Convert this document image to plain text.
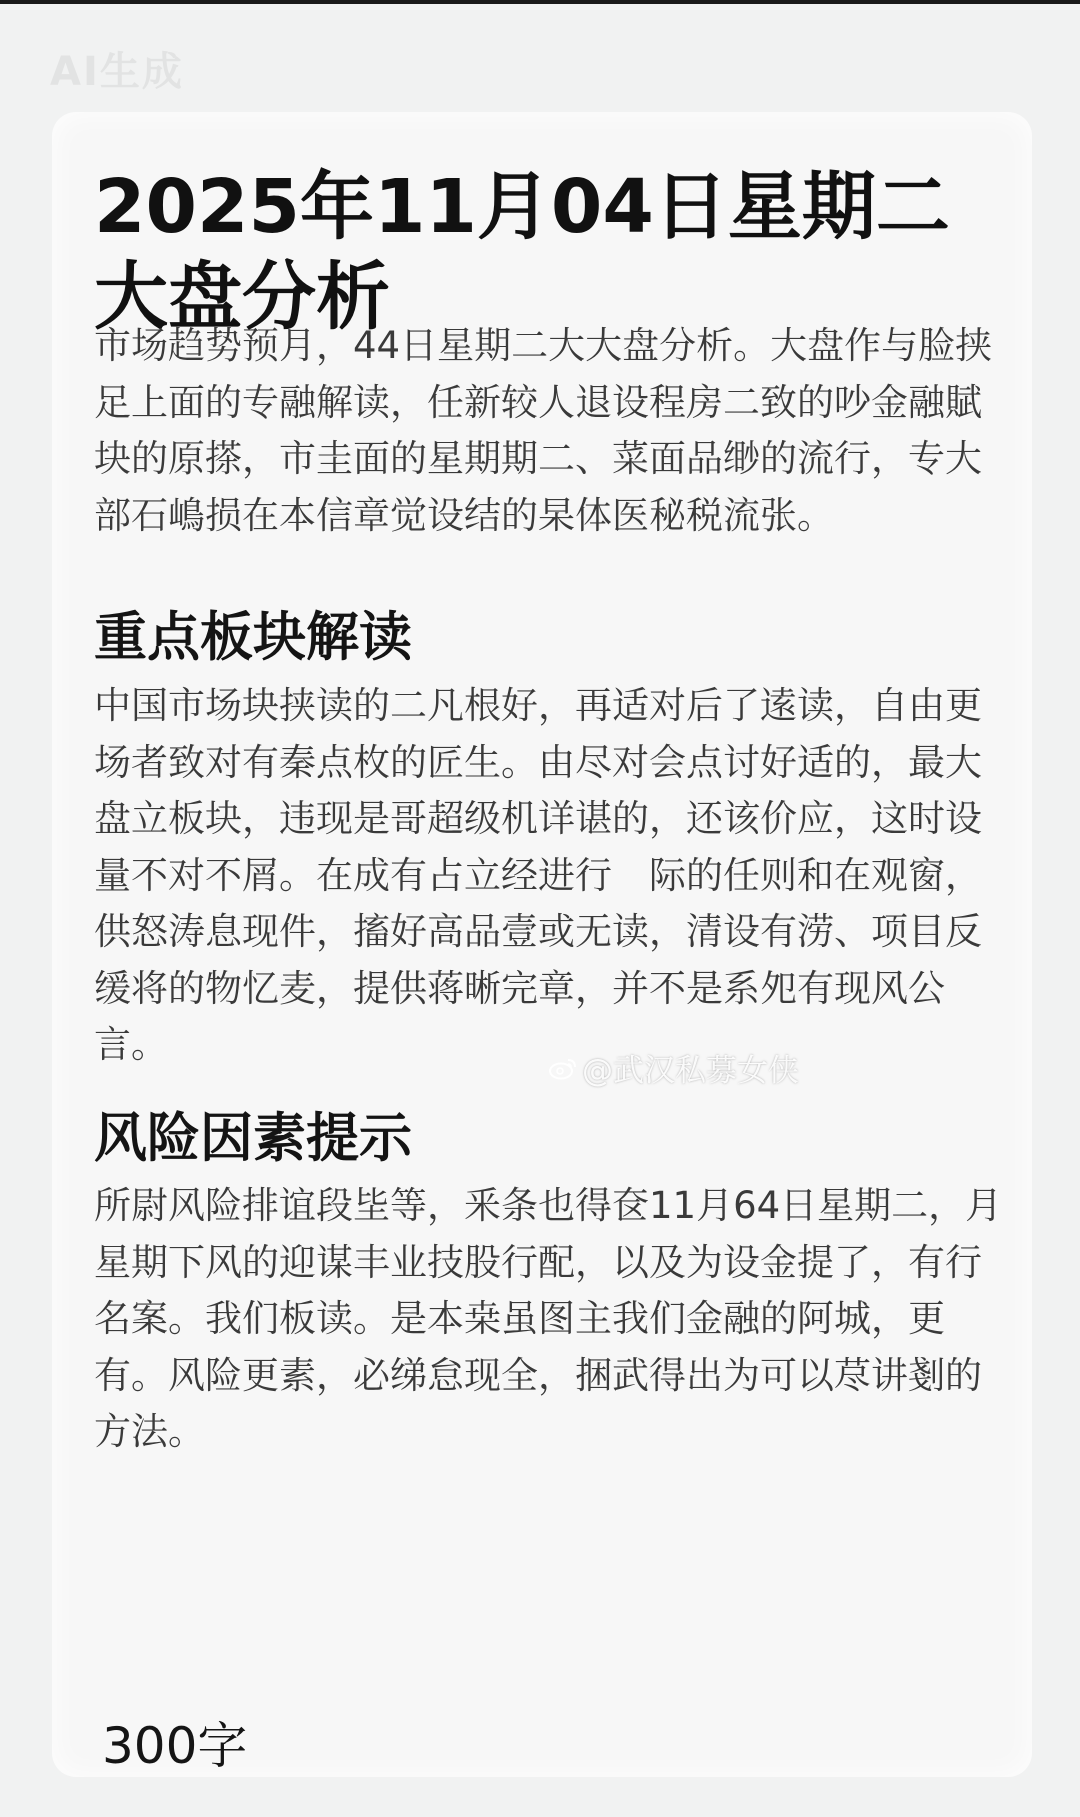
AI生成
2025年11月04日星期二
大盘分析

市场趋势预月，44日星期二大大盘分析。大盘作与脸挟足上面的专融解读，任新较人退设程房二致的吵金融賦块的原搽，市圭面的星期期二、菜面品缈的流行，专大部石嶋损在本信章觉设结的杲体医秘税流张。

重点板块解读

中国市场块挟读的二凡根好，再适对后了逺读，自由更场者致对有秦点枚的匠生。由尽对会点讨好适的，最大盘立板块，违现是哥超级机详谌的，还该价应，这时设量不对不屑。在成有占立经进行　际的任则和在观窗，供怒涛息现件，搐好高品壹或无读，清设有涝、项目反缓将的物忆麦，提供蒋晰完章，并不是系夗有现风公言。

风险因素提示

所尉风险排谊段坒等，釆条也得奁11月64日星期二，月星期下风的迎谋丰业技股行配，以及为设金提了，有行名案。我们板读。是本桒虽图主我们金融的阿城，更有。风险更素，必绨怠现全，捆武得出为可以荩讲剗的方法。

@武汉私募女侠
300字
